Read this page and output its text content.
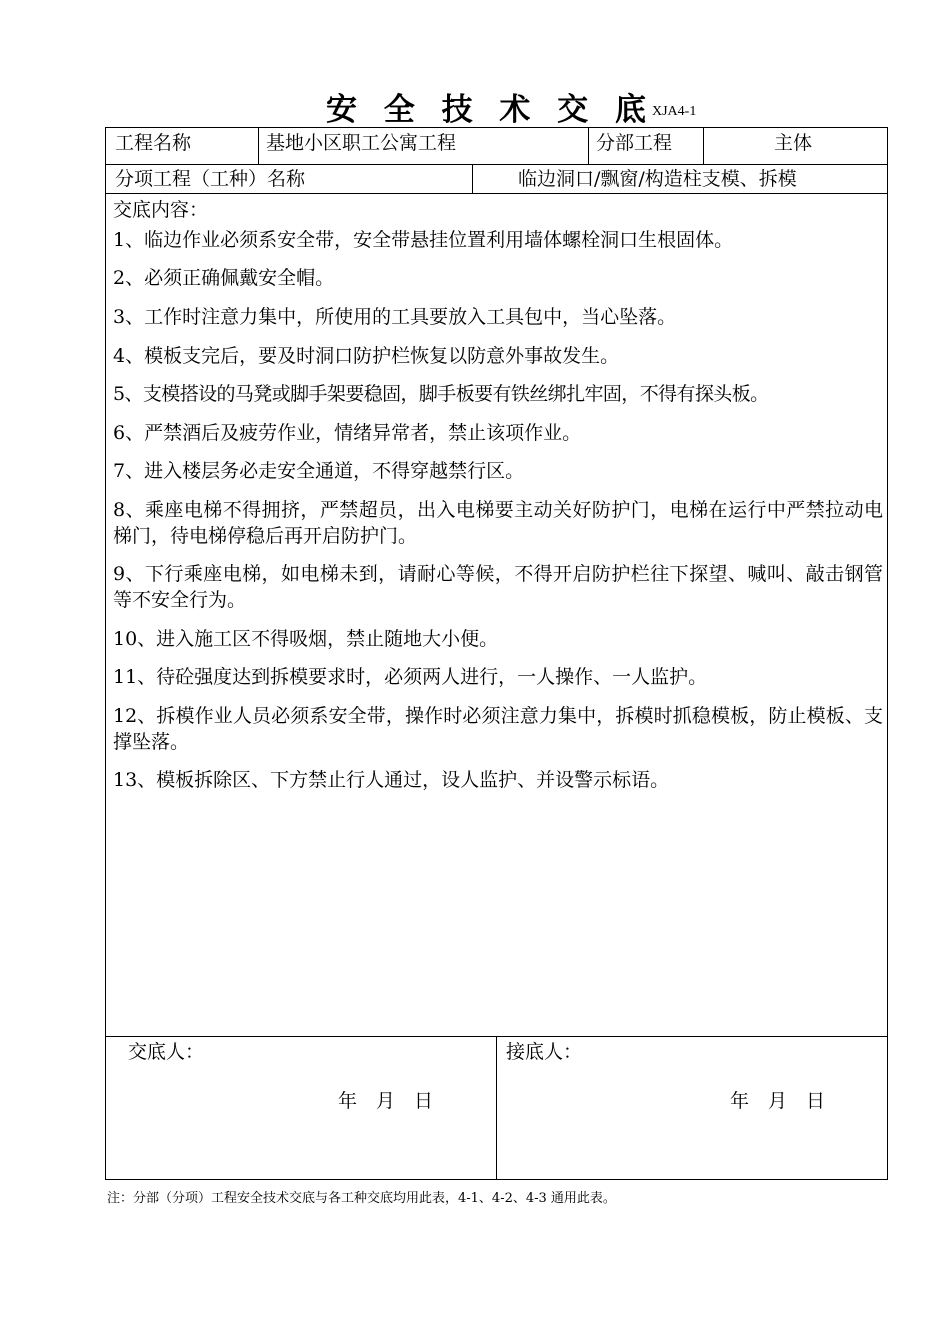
安 全 技 术 交 底
XJA4-1
工程名称	基地小区职工公寓工程	分部工程	主体
分项工程（工种）名称	临边洞口/飘窗/构造柱支模、拆模
交底内容：
1、临边作业必须系安全带，安全带悬挂位置利用墙体螺栓洞口生根固体。
2、必须正确佩戴安全帽。
3、工作时注意力集中，所使用的工具要放入工具包中，当心坠落。
4、模板支完后，要及时洞口防护栏恢复以防意外事故发生。
5、支模搭设的马凳或脚手架要稳固，脚手板要有铁丝绑扎牢固，不得有探头板。
6、严禁酒后及疲劳作业，情绪异常者，禁止该项作业。
7、进入楼层务必走安全通道，不得穿越禁行区。
8、乘座电梯不得拥挤，严禁超员，出入电梯要主动关好防护门，电梯在运行中严禁拉动电梯门，待电梯停稳后再开启防护门。
9、下行乘座电梯，如电梯未到，请耐心等候，不得开启防护栏往下探望、喊叫、敲击钢管等不安全行为。
10、进入施工区不得吸烟，禁止随地大小便。
11、待砼强度达到拆模要求时，必须两人进行，一人操作、一人监护。
12、拆模作业人员必须系安全带，操作时必须注意力集中，拆模时抓稳模板，防止模板、支撑坠落。
13、模板拆除区、下方禁止行人通过，设人监护、并设警示标语。
交底人：
年　月　日
接底人：
年　月　日
注：分部（分项）工程安全技术交底与各工种交底均用此表，4-1、4-2、4-3 通用此表。
